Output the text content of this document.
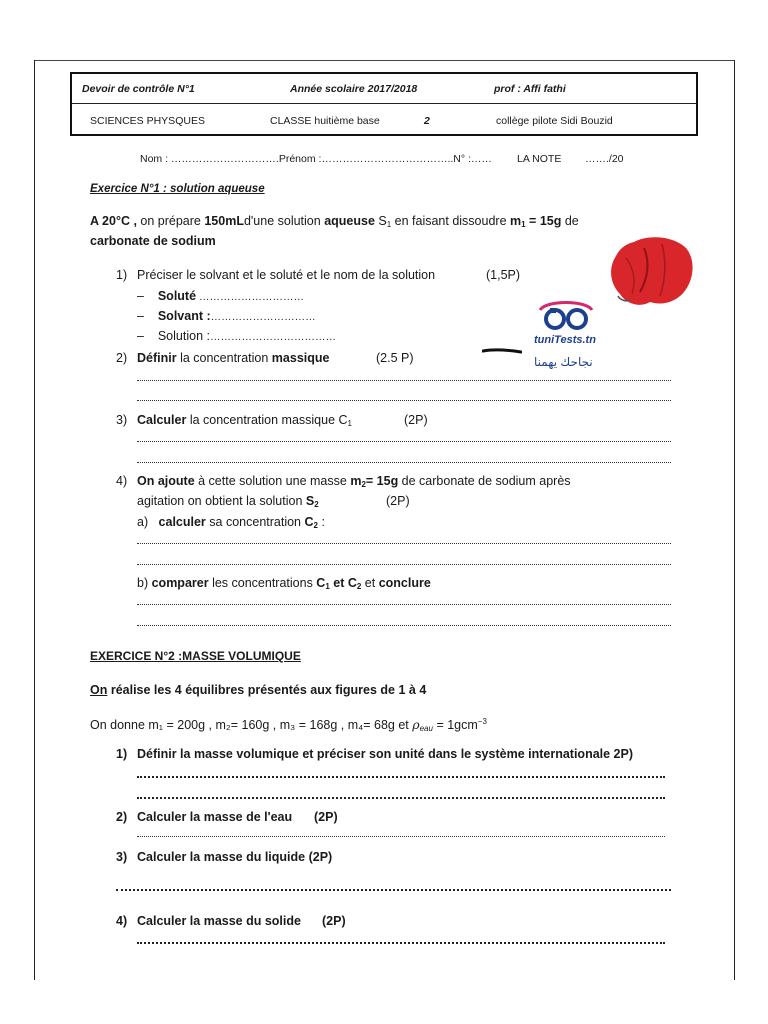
Devoir de contrôle N°1	Année scolaire 2017/2018	prof : Affi fathi
SCIENCES PHYSQUES	CLASSE huitième base	2	collège pilote Sidi Bouzid
Nom : ………………………….Prénom :………………………………..N° :…… LA NOTE ……./20
Exercice N°1 : solution aqueuse
A 20°C , on prépare 150mLd'une solution aqueuse $S_1$ en faisant dissoudre $m_1 = 15g$ de
carbonate de sodium
1) Préciser le solvant et le soluté et le nom de la solution	(1,5P)
–    Soluté …………………………
–    Solvant :…………………………
–    Solution :………………………………
2) Définir la concentration massique	(2.5 P)
3) Calculer la concentration massique $C_1$	(2P)
4) On ajoute à cette solution une masse $m_2= 15g$ de carbonate de sodium après
agitation on obtient la solution $S_2$	(2P)
a) calculer sa concentration $C_2$ :
b) comparer les concentrations $C_1$ et $C_2$ et conclure
EXERCICE N°2 :MASSE VOLUMIQUE
On réalise les 4 équilibres présentés aux figures de 1 à 4
On donne m₁ = 200g , m₂= 160g , m₃ = 168g , m₄= 68g et $\rho_{eau} = 1gcm^{-3}$
1) Définir la masse volumique et préciser son unité dans le système internationale 2P)
2) Calculer la masse de l'eau (2P)
3) Calculer la masse du liquide (2P)
4) Calculer la masse du solide (2P)
tuniTests.tn
نجاحك يهمنا
